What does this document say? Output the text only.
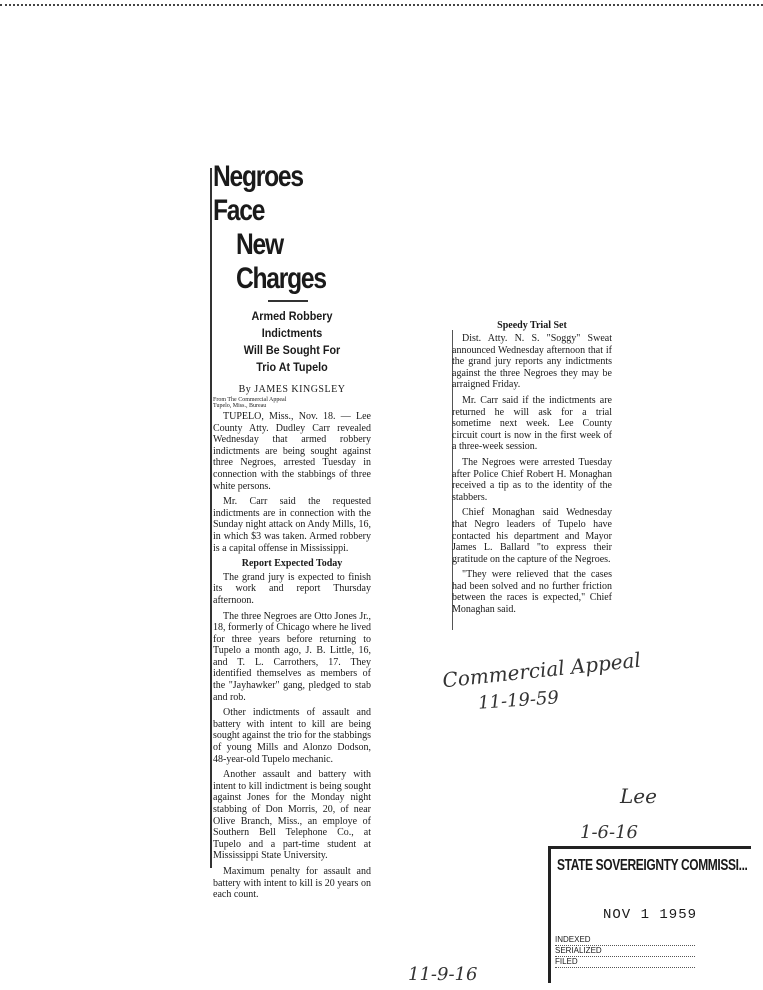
Negroes Face
New Charges
Armed Robbery Indictments
Will Be Sought For
Trio At Tupelo
By JAMES KINGSLEY
From The Commercial Appeal
Tupelo, Miss., Bureau

TUPELO, Miss., Nov. 18. — Lee County Atty. Dudley Carr revealed Wednesday that armed robbery indictments are being sought against three Negroes, arrested Tuesday in connection with the stabbings of three white persons.

Mr. Carr said the requested indictments are in connection with the Sunday night attack on Andy Mills, 16, in which $3 was taken. Armed robbery is a capital offense in Mississippi.

Report Expected Today

The grand jury is expected to finish its work and report Thursday afternoon.

The three Negroes are Otto Jones Jr., 18, formerly of Chicago where he lived for three years before returning to Tupelo a month ago, J. B. Little, 16, and T. L. Carrothers, 17. They identified themselves as members of the "Jayhawker" gang, pledged to stab and rob.

Other indictments of assault and battery with intent to kill are being sought against the trio for the stabbings of young Mills and Alonzo Dodson, 48-year-old Tupelo mechanic.

Another assault and battery with intent to kill indictment is being sought against Jones for the Monday night stabbing of Don Morris, 20, of near Olive Branch, Miss., an employe of Southern Bell Telephone Co., at Tupelo and a part-time student at Mississippi State University.

Maximum penalty for assault and battery with intent to kill is 20 years on each count.

Speedy Trial Set

Dist. Atty. N. S. "Soggy" Sweat announced Wednesday afternoon that if the grand jury reports any indictments against the three Negroes they may be arraigned Friday.

Mr. Carr said if the indictments are returned he will ask for a trial sometime next week. Lee County circuit court is now in the first week of a three-week session.

The Negroes were arrested Tuesday after Police Chief Robert H. Monaghan received a tip as to the identity of the stabbers.

Chief Monaghan said Wednesday that Negro leaders of Tupelo have contacted his department and Mayor James L. Ballard "to express their gratitude on the capture of the Negroes.

"They were relieved that the cases had been solved and no further friction between the races is expected," Chief Monaghan said.

Commercial Appeal
11-19-59
Lee
1-6-16
11-9-16
STATE SOVEREIGNTY COMMISSI...
NOV 1 1959
INDEXED
SERIALIZED
FILED
